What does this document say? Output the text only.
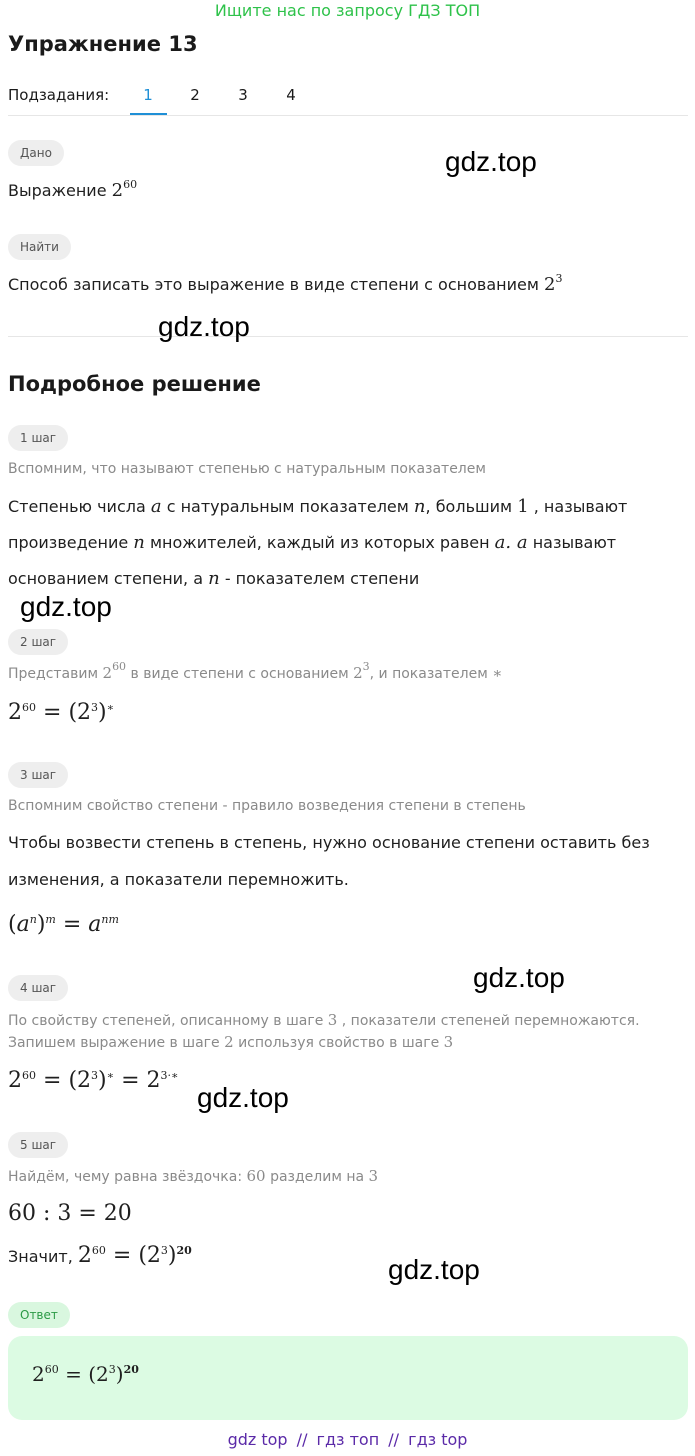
Ищите нас по запросу ГДЗ ТОП
Упражнение 13
Подзадания:	1	2	3	4
Дано
Выражение $2^{60}$
Найти
Способ записать это выражение в виде степени с основанием $2^3$
Подробное решение
1 шаг
Вспомним, что называют степенью с натуральным показателем
Степенью числа a с натуральным показателем n, большим 1 , называют
произведение n множителей, каждый из которых равен a. a называют
основанием степени, а n - показателем степени
2 шаг
Представим $2^{60}$ в виде степени с основанием $2^3$, и показателем ∗
$2^{60} = (2^3)^∗$
3 шаг
Вспомним свойство степени - правило возведения степени в степень
Чтобы возвести степень в степень, нужно основание степени оставить без
изменения, а показатели перемножить.
$(a^n)^m = a^{nm}$
4 шаг
По свойству степеней, описанному в шаге 3 , показатели степеней перемножаются.
Запишем выражение в шаге 2 используя свойство в шаге 3
$2^{60} = (2^3)^∗ = 2^{3\cdot∗}$
5 шаг
Найдём, чему равна звёздочка: 60 разделим на 3
60 : 3 = 20
Значит, $2^{60} = (2^3)^{20}$
Ответ
$2^{60} = (2^3)^{20}$
gdz.top
gdz.top
gdz.top
gdz.top
gdz.top
gdz.top
gdz top // гдз топ // гдз top
